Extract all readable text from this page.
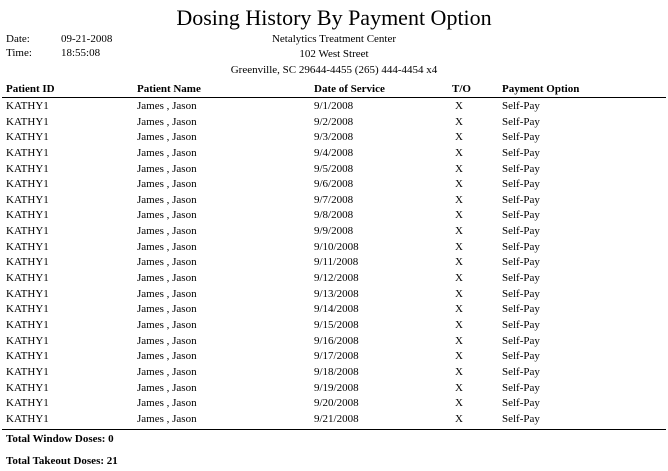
Dosing History By Payment Option
Date:	09-21-2008
Time:	18:55:08
Netalytics Treatment Center
102 West Street
Greenville, SC 29644-4455 (265) 444-4454 x4
Patient ID	Patient Name	Date of Service	T/O	Payment Option
KATHY1	James , Jason	9/1/2008	X	Self-Pay
KATHY1	James , Jason	9/2/2008	X	Self-Pay
KATHY1	James , Jason	9/3/2008	X	Self-Pay
KATHY1	James , Jason	9/4/2008	X	Self-Pay
KATHY1	James , Jason	9/5/2008	X	Self-Pay
KATHY1	James , Jason	9/6/2008	X	Self-Pay
KATHY1	James , Jason	9/7/2008	X	Self-Pay
KATHY1	James , Jason	9/8/2008	X	Self-Pay
KATHY1	James , Jason	9/9/2008	X	Self-Pay
KATHY1	James , Jason	9/10/2008	X	Self-Pay
KATHY1	James , Jason	9/11/2008	X	Self-Pay
KATHY1	James , Jason	9/12/2008	X	Self-Pay
KATHY1	James , Jason	9/13/2008	X	Self-Pay
KATHY1	James , Jason	9/14/2008	X	Self-Pay
KATHY1	James , Jason	9/15/2008	X	Self-Pay
KATHY1	James , Jason	9/16/2008	X	Self-Pay
KATHY1	James , Jason	9/17/2008	X	Self-Pay
KATHY1	James , Jason	9/18/2008	X	Self-Pay
KATHY1	James , Jason	9/19/2008	X	Self-Pay
KATHY1	James , Jason	9/20/2008	X	Self-Pay
KATHY1	James , Jason	9/21/2008	X	Self-Pay
Total Window Doses: 0
Total Takeout Doses: 21
